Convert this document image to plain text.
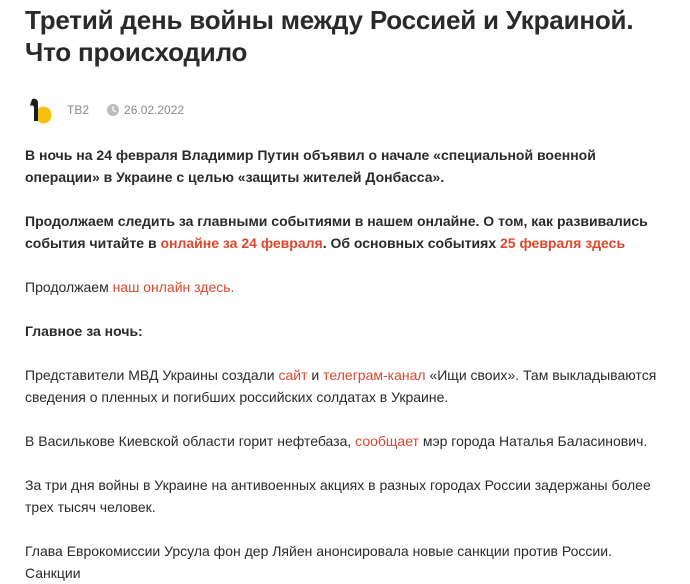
Третий день войны между Россией и Украиной. Что происходило
ТВ2	26.02.2022

В ночь на 24 февраля Владимир Путин объявил о начале «специальной военной операции» в Украине с целью «защиты жителей Донбасса».

Продолжаем следить за главными событиями в нашем онлайне. О том, как развивались события читайте в онлайне за 24 февраля. Об основных событиях 25 февраля здесь

Продолжаем наш онлайн здесь.

Главное за ночь:

Представители МВД Украины создали сайт и телеграм-канал «Ищи своих». Там выкладываются сведения о пленных и погибших российских солдатах в Украине.

В Василькове Киевской области горит нефтебаза, сообщает мэр города Наталья Баласинович.

За три дня войны в Украине на антивоенных акциях в разных городах России задержаны более трех тысяч человек.

Глава Еврокомиссии Урсула фон дер Ляйен анонсировала новые санкции против России. Санкции
